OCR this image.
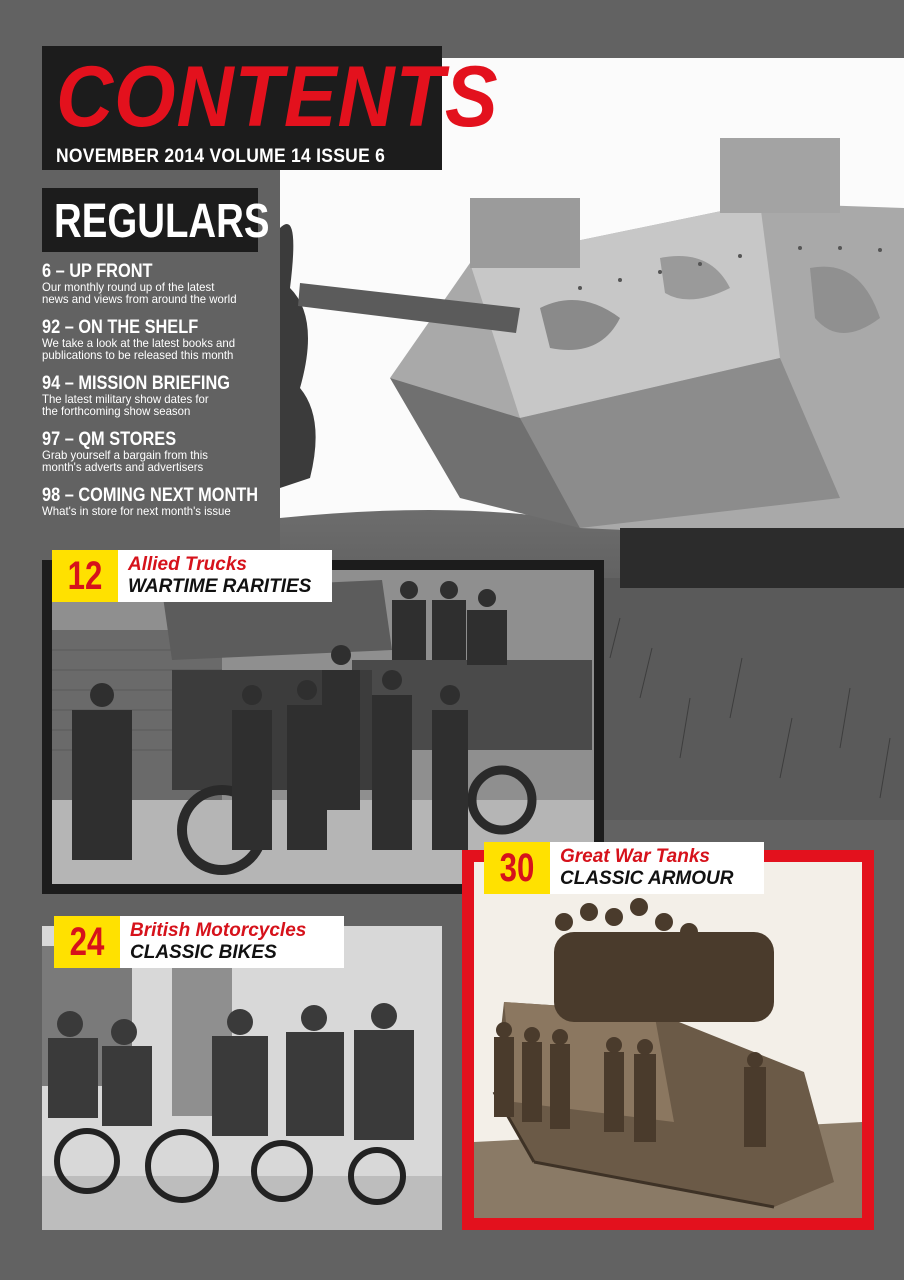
CONTENTS
NOVEMBER 2014 VOLUME 14 ISSUE 6
REGULARS
6 – UP FRONT
Our monthly round up of the latest
news and views from around the world
92 – ON THE SHELF
We take a look at the latest books and
publications to be released this month
94 – MISSION BRIEFING
The latest military show dates for
the forthcoming show season
97 – QM STORES
Grab yourself a bargain from this
month's adverts and advertisers
98 – COMING NEXT MONTH
What's in store for next month's issue
12	Allied Trucks
WARTIME RARITIES
30	Great War Tanks
CLASSIC ARMOUR
24	British Motorcycles
CLASSIC BIKES
